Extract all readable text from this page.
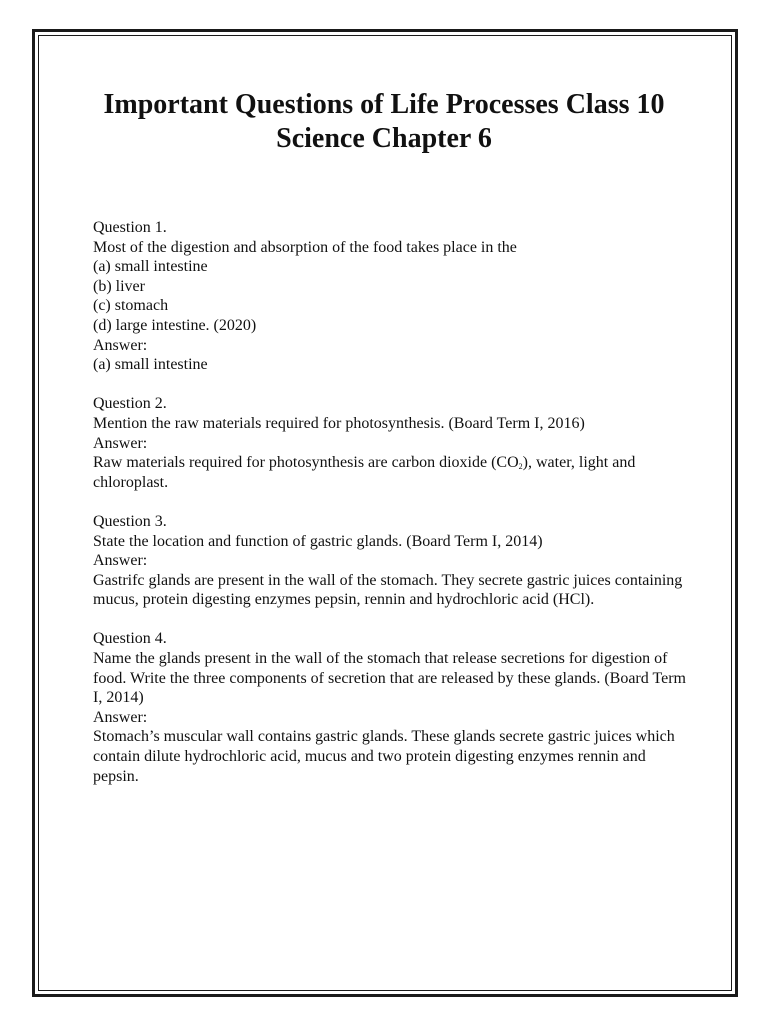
Important Questions of Life Processes Class 10 Science Chapter 6
Question 1.
Most of the digestion and absorption of the food takes place in the
(a) small intestine
(b) liver
(c) stomach
(d) large intestine. (2020)
Answer:
(a) small intestine
Question 2.
Mention the raw materials required for photosynthesis. (Board Term I, 2016)
Answer:
Raw materials required for photosynthesis are carbon dioxide $(CO_2)$, water, light and chloroplast.
Question 3.
State the location and function of gastric glands. (Board Term I, 2014)
Answer:
Gastrifc glands are present in the wall of the stomach. They secrete gastric juices containing mucus, protein digesting enzymes pepsin, rennin and hydrochloric acid (HCl).
Question 4.
Name the glands present in the wall of the stomach that release secretions for digestion of food. Write the three components of secretion that are released by these glands. (Board Term I, 2014)
Answer:
Stomach’s muscular wall contains gastric glands. These glands secrete gastric juices which contain dilute hydrochloric acid, mucus and two protein digesting enzymes rennin and pepsin.
